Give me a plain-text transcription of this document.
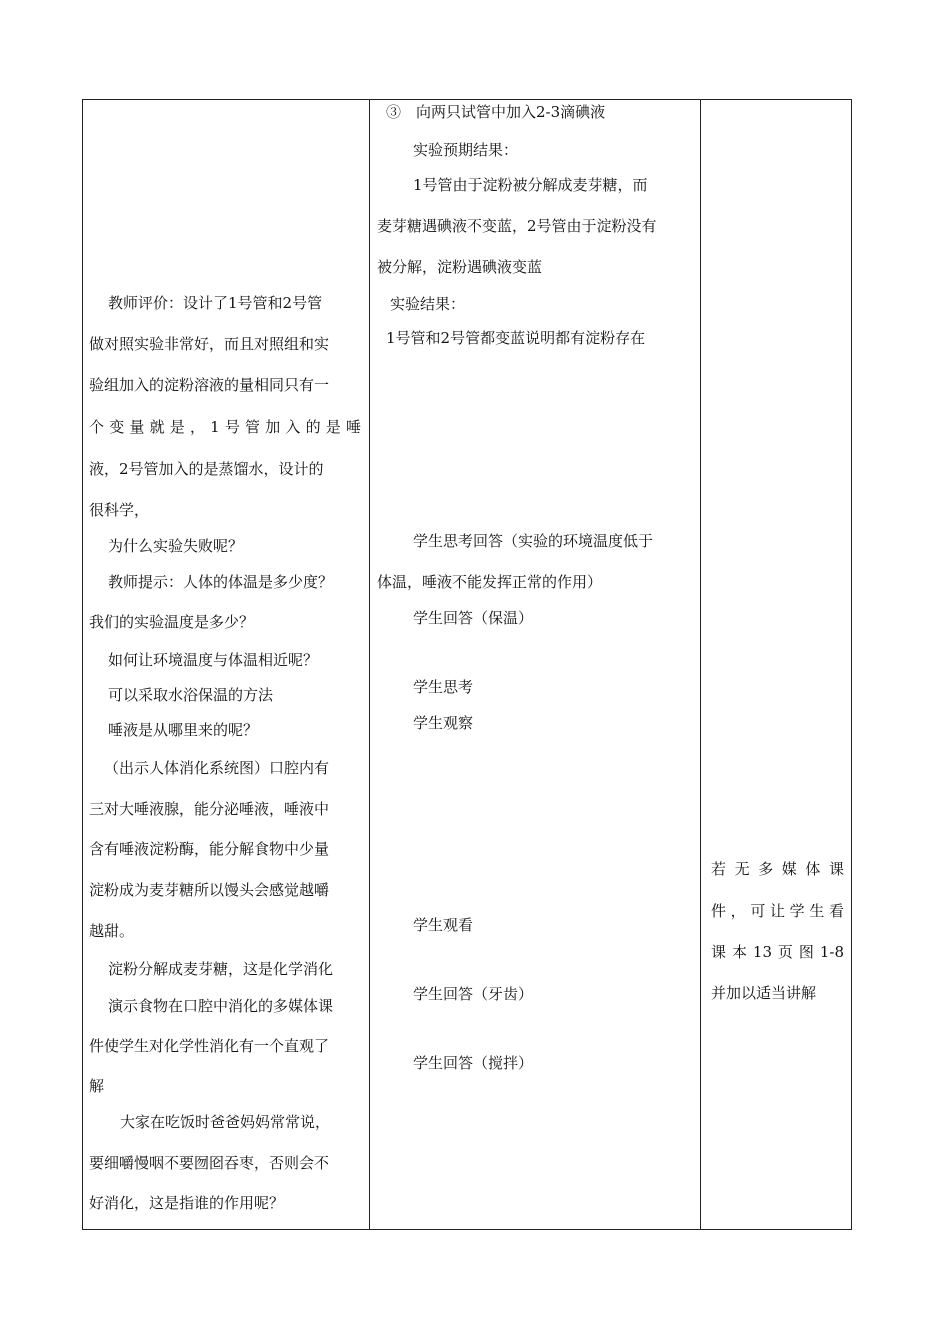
教师评价：设计了1号管和2号管
做对照实验非常好，而且对照组和实
验组加入的淀粉溶液的量相同只有一
个变量就是，1号管加入的是唾
液，2号管加入的是蒸馏水，设计的
很科学，
为什么实验失败呢？
教师提示：人体的体温是多少度？
我们的实验温度是多少？
如何让环境温度与体温相近呢？
可以采取水浴保温的方法
唾液是从哪里来的呢？
（出示人体消化系统图）口腔内有
三对大唾液腺，能分泌唾液，唾液中
含有唾液淀粉酶，能分解食物中少量
淀粉成为麦芽糖所以馒头会感觉越嚼
越甜。
淀粉分解成麦芽糖，这是化学消化
演示食物在口腔中消化的多媒体课
件使学生对化学性消化有一个直观了
解
大家在吃饭时爸爸妈妈常常说，
要细嚼慢咽不要囫囵吞枣，否则会不
好消化，这是指谁的作用呢？
③　向两只试管中加入2-3滴碘液
实验预期结果：
1号管由于淀粉被分解成麦芽糖，而
麦芽糖遇碘液不变蓝，2号管由于淀粉没有
被分解，淀粉遇碘液变蓝
实验结果：
1号管和2号管都变蓝说明都有淀粉存在
学生思考回答（实验的环境温度低于
体温，唾液不能发挥正常的作用）
学生回答（保温）
学生思考
学生观察
学生观看
学生回答（牙齿）
学生回答（搅拌）
若无多媒体课
件，可让学生看
课本13页图1-8
并加以适当讲解
